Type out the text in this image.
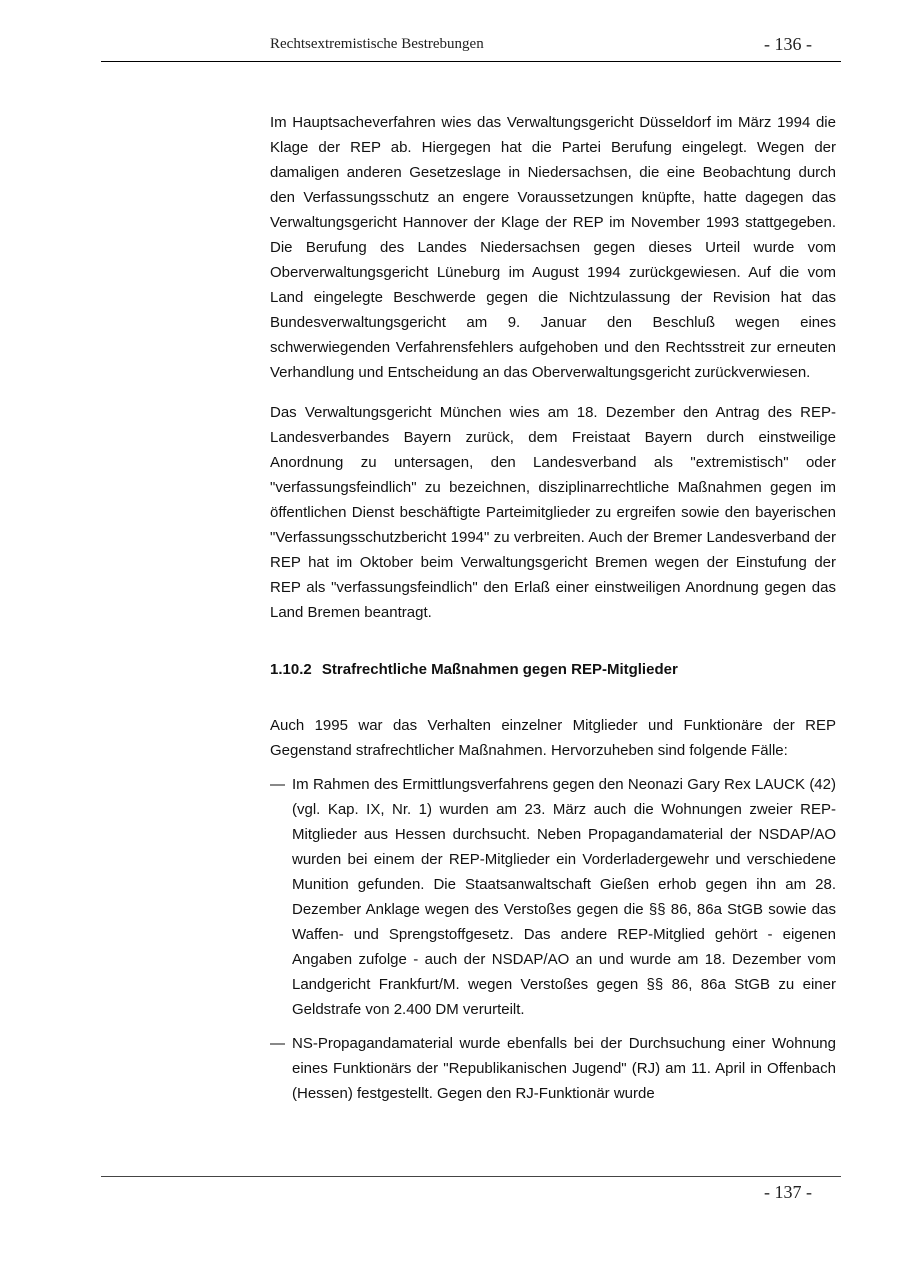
Rechtsextremistische Bestrebungen	- 136 -

Im Hauptsacheverfahren wies das Verwaltungsgericht Düsseldorf im März 1994 die Klage der REP ab. Hiergegen hat die Partei Berufung eingelegt. Wegen der damaligen anderen Gesetzeslage in Niedersachsen, die eine Beobachtung durch den Verfassungsschutz an engere Voraussetzungen knüpfte, hatte dagegen das Verwaltungsgericht Hannover der Klage der REP im November 1993 stattgegeben. Die Berufung des Landes Niedersachsen gegen dieses Urteil wurde vom Oberverwaltungsgericht Lüneburg im August 1994 zurückgewiesen. Auf die vom Land eingelegte Beschwerde gegen die Nichtzulassung der Revision hat das Bundesverwaltungsgericht am 9. Januar den Beschluß wegen eines schwerwiegenden Verfahrensfehlers aufgehoben und den Rechtsstreit zur erneuten Verhandlung und Entscheidung an das Oberverwaltungsgericht zurückverwiesen.

Das Verwaltungsgericht München wies am 18. Dezember den Antrag des REP-Landesverbandes Bayern zurück, dem Freistaat Bayern durch einstweilige Anordnung zu untersagen, den Landesverband als "extremistisch" oder "verfassungsfeindlich" zu bezeichnen, disziplinarrechtliche Maßnahmen gegen im öffentlichen Dienst beschäftigte Parteimitglieder zu ergreifen sowie den bayerischen "Verfassungsschutzbericht 1994" zu verbreiten. Auch der Bremer Landesverband der REP hat im Oktober beim Verwaltungsgericht Bremen wegen der Einstufung der REP als "verfassungsfeindlich" den Erlaß einer einstweiligen Anordnung gegen das Land Bremen beantragt.

1.10.2 Strafrechtliche Maßnahmen gegen REP-Mitglieder

Auch 1995 war das Verhalten einzelner Mitglieder und Funktionäre der REP Gegenstand strafrechtlicher Maßnahmen. Hervorzuheben sind folgende Fälle:

— Im Rahmen des Ermittlungsverfahrens gegen den Neonazi Gary Rex LAUCK (42) (vgl. Kap. IX, Nr. 1) wurden am 23. März auch die Wohnungen zweier REP-Mitglieder aus Hessen durchsucht. Neben Propagandamaterial der NSDAP/AO wurden bei einem der REP-Mitglieder ein Vorderladergewehr und verschiedene Munition gefunden. Die Staatsanwaltschaft Gießen erhob gegen ihn am 28. Dezember Anklage wegen des Verstoßes gegen die §§ 86, 86a StGB sowie das Waffen- und Sprengstoffgesetz. Das andere REP-Mitglied gehört - eigenen Angaben zufolge - auch der NSDAP/AO an und wurde am 18. Dezember vom Landgericht Frankfurt/M. wegen Verstoßes gegen §§ 86, 86a StGB zu einer Geldstrafe von 2.400 DM verurteilt.
— NS-Propagandamaterial wurde ebenfalls bei der Durchsuchung einer Wohnung eines Funktionärs der "Republikanischen Jugend" (RJ) am 11. April in Offenbach (Hessen) festgestellt. Gegen den RJ-Funktionär wurde
- 137 -
